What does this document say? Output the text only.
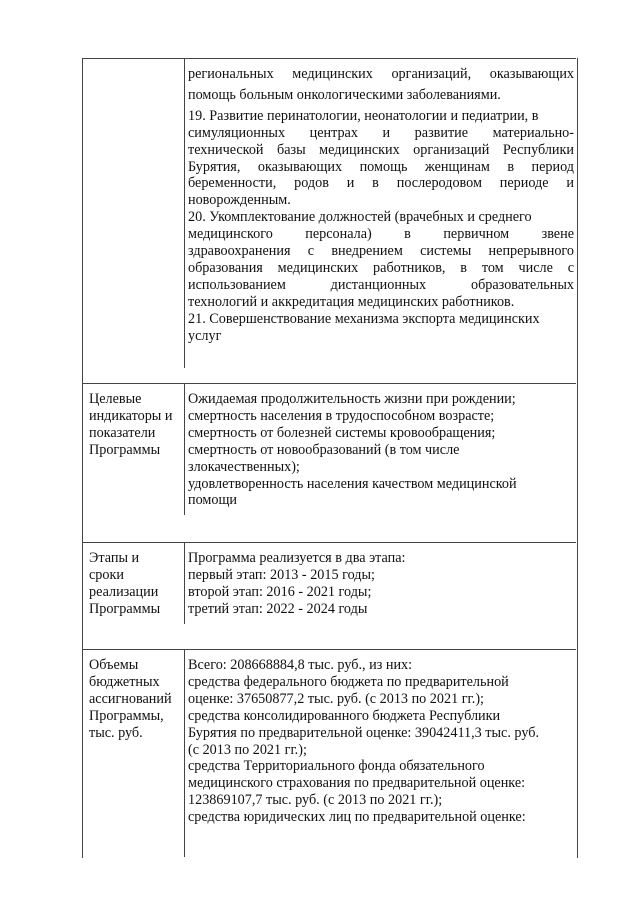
региональных медицинских организаций, оказывающих

помощь больным онкологическими заболеваниями.

19. Развитие перинатологии, неонатологии и педиатрии, в

симуляционных центрах и развитие материально-

технической базы медицинских организаций Республики

Бурятия, оказывающих помощь женщинам в период

беременности, родов и в послеродовом периоде и

новорожденным.

20. Укомплектование должностей (врачебных и среднего

медицинского персонала) в первичном звене

здравоохранения с внедрением системы непрерывного

образования медицинских работников, в том числе с

использованием дистанционных образовательных

технологий и аккредитация медицинских работников.

21. Совершенствование механизма экспорта медицинских

услуг

Целевые

индикаторы и

показатели

Программы

Ожидаемая продолжительность жизни при рождении;

смертность населения в трудоспособном возрасте;

смертность от болезней системы кровообращения;

смертность от новообразований (в том числе

злокачественных);

удовлетворенность населения качеством медицинской

помощи

Этапы и

сроки

реализации

Программы

Программа реализуется в два этапа:

первый этап: 2013 - 2015 годы;

второй этап: 2016 - 2021 годы;

третий этап: 2022 - 2024 годы

Объемы

бюджетных

ассигнований

Программы,

тыс. руб.

Всего: 208668884,8 тыс. руб., из них:

средства федерального бюджета по предварительной

оценке: 37650877,2 тыс. руб. (с 2013 по 2021 гг.);

средства консолидированного бюджета Республики

Бурятия по предварительной оценке: 39042411,3 тыс. руб.

(с 2013 по 2021 гг.);

средства Территориального фонда обязательного

медицинского страхования по предварительной оценке:

123869107,7 тыс. руб. (с 2013 по 2021 гг.);

средства юридических лиц по предварительной оценке:
